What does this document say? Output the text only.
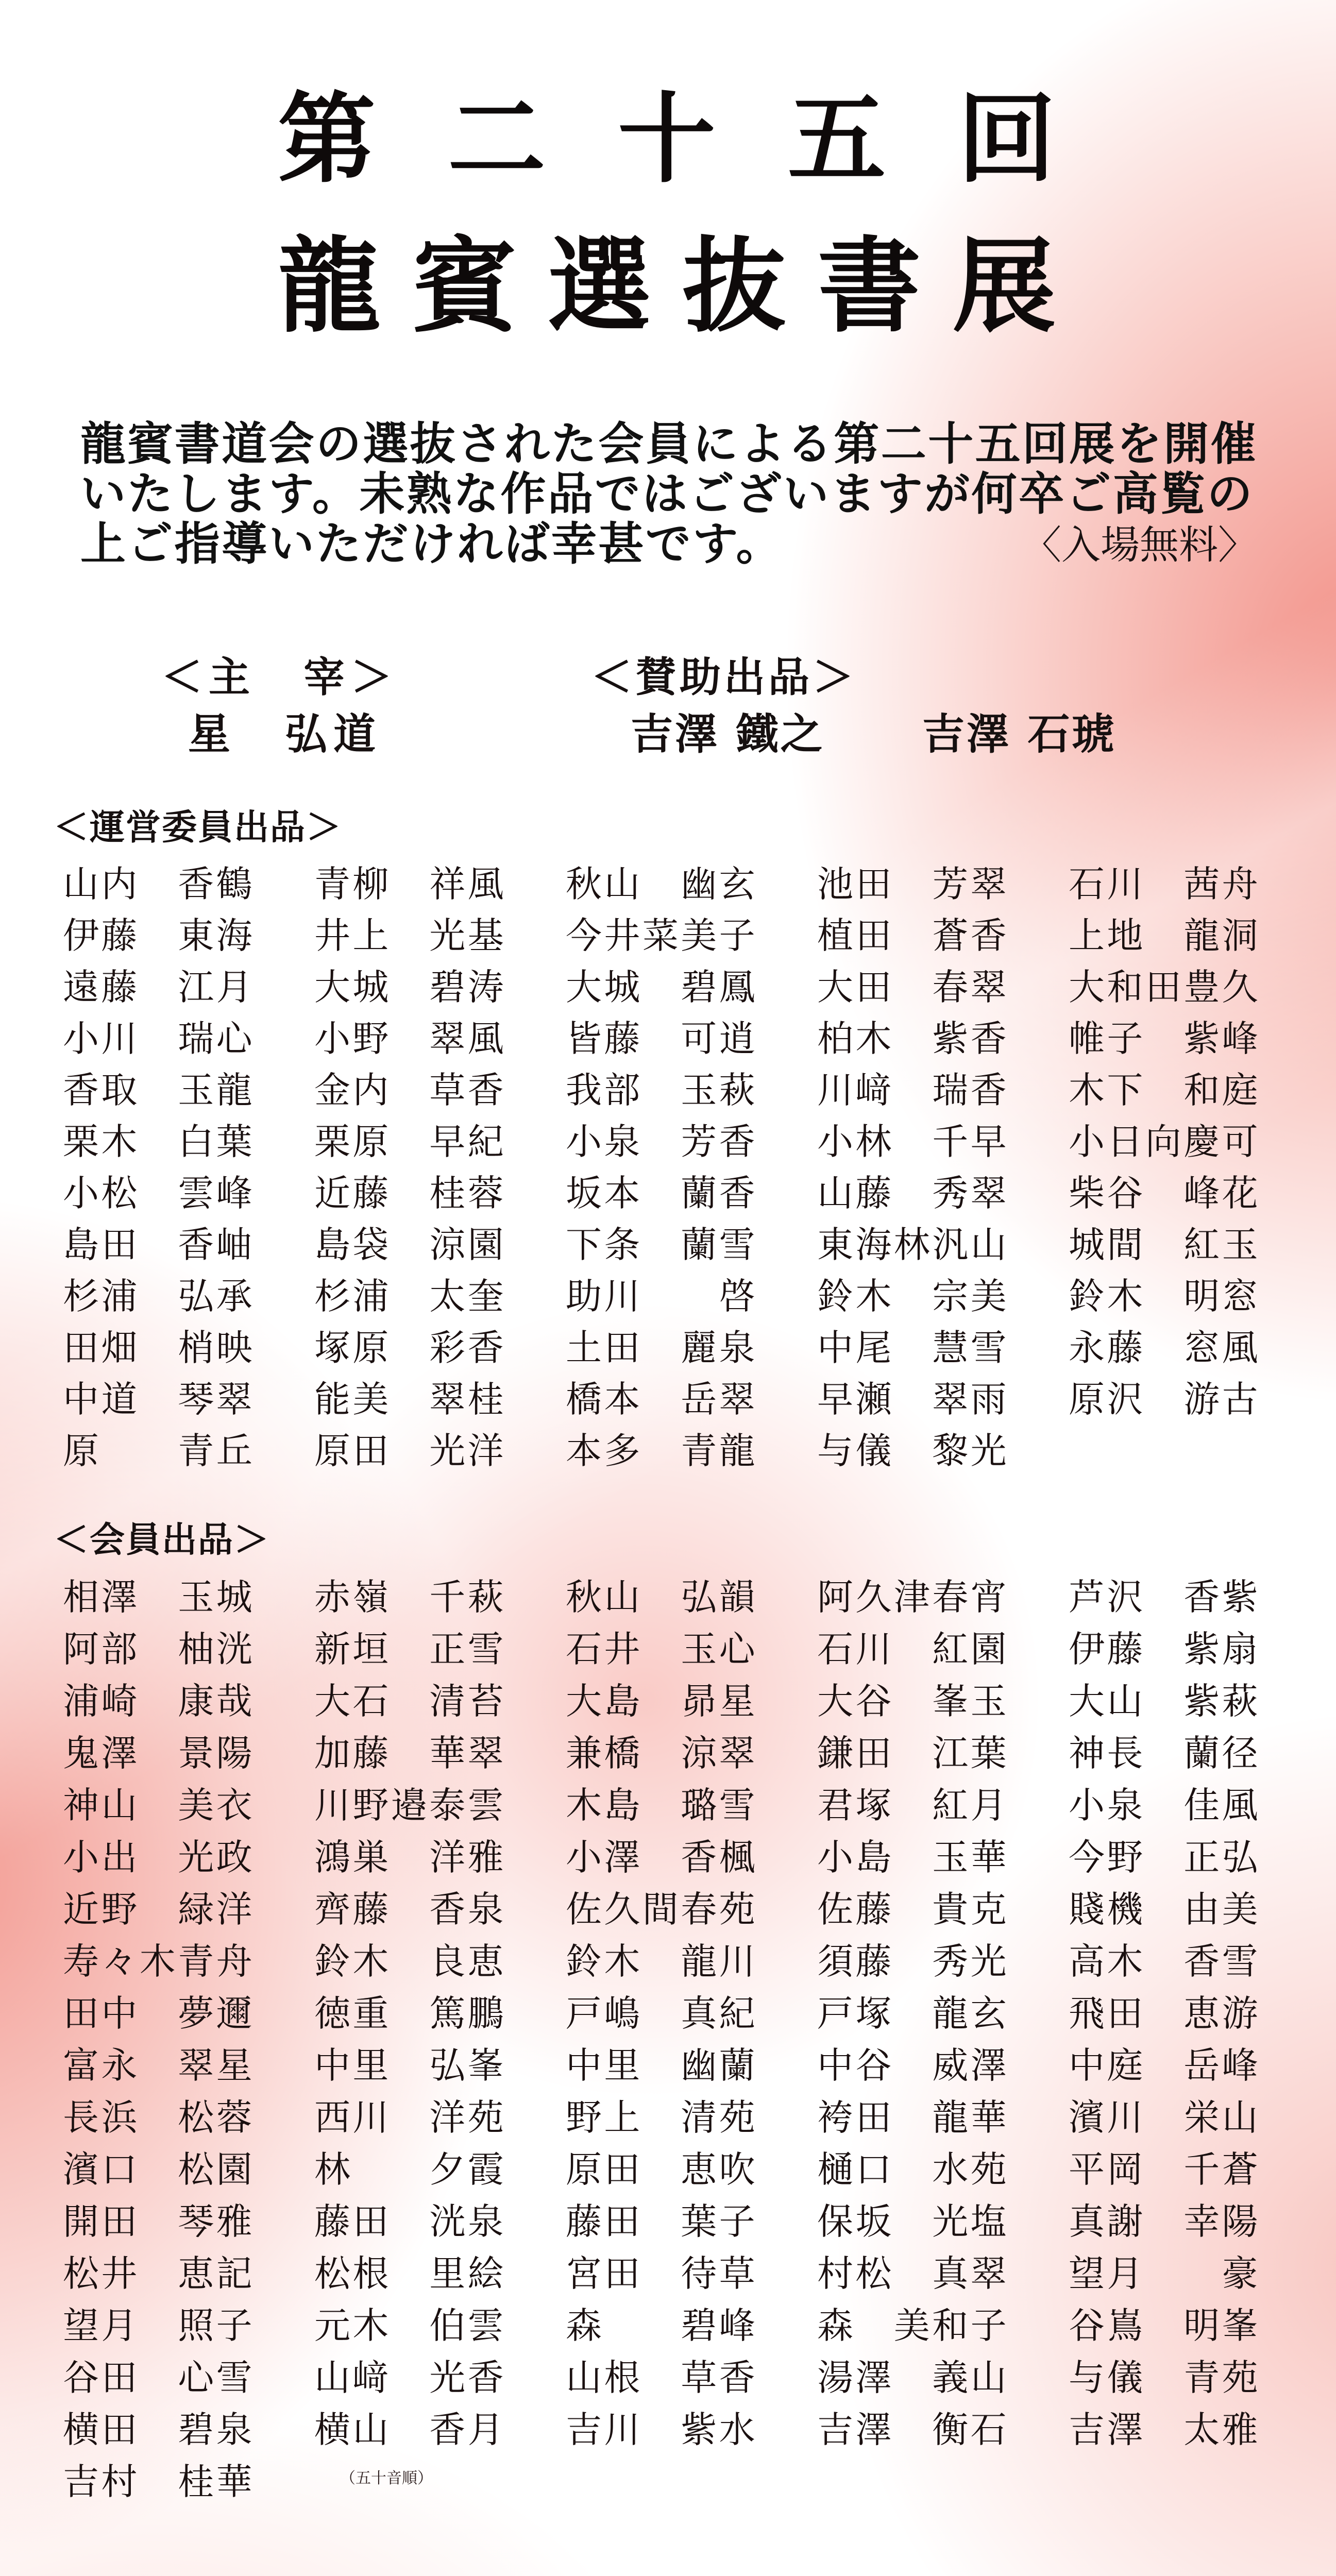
第二十五回
龍賓選抜書展
龍賓書道会の選抜された会員による第二十五回展を開催
いたします。未熟な作品ではございますが何卒ご高覧の
上ご指導いただければ幸甚です。	〈入場無料〉
＜主　宰＞
星　弘道
＜賛助出品＞
吉澤 鐵之 吉澤 石琥
＜運営委員出品＞
山内 香鶴 青柳 祥風 秋山 幽玄 池田 芳翠 石川 茜舟
伊藤 東海 井上 光基 今井 菜美子 植田 蒼香 上地 龍洞
遠藤 江月 大城 碧涛 大城 碧鳳 大田 春翠 大和田 豊久
小川 瑞心 小野 翠風 皆藤 可逍 柏木 紫香 帷子 紫峰
香取 玉龍 金内 草香 我部 玉萩 川﨑 瑞香 木下 和庭
栗木 白葉 栗原 早紀 小泉 芳香 小林 千早 小日向 慶可
小松 雲峰 近藤 桂蓉 坂本 蘭香 山藤 秀翠 柴谷 峰花
島田 香岫 島袋 涼園 下条 蘭雪 東海林 汎山 城間 紅玉
杉浦 弘承 杉浦 太奎 助川 啓 鈴木 宗美 鈴木 明窓
田畑 梢映 塚原 彩香 土田 麗泉 中尾 慧雪 永藤 窓風
中道 琴翠 能美 翠桂 橋本 岳翠 早瀬 翠雨 原沢 游古
原 青丘 原田 光洋 本多 青龍 与儀 黎光
＜会員出品＞
相澤 玉城 赤嶺 千萩 秋山 弘韻 阿久津 春宵 芦沢 香紫
阿部 柚洸 新垣 正雪 石井 玉心 石川 紅園 伊藤 紫扇
浦崎 康哉 大石 清苔 大島 昴星 大谷 峯玉 大山 紫萩
鬼澤 景陽 加藤 華翠 兼橋 涼翠 鎌田 江葉 神長 蘭径
神山 美衣 川野邉 泰雲 木島 璐雪 君塚 紅月 小泉 佳風
小出 光政 鴻巣 洋雅 小澤 香楓 小島 玉華 今野 正弘
近野 緑洋 齊藤 香泉 佐久間 春苑 佐藤 貴克 賤機 由美
寿々木 青舟 鈴木 良恵 鈴木 龍川 須藤 秀光 高木 香雪
田中 夢邇 徳重 篤鵬 戸嶋 真紀 戸塚 龍玄 飛田 恵游
富永 翠星 中里 弘峯 中里 幽蘭 中谷 威澤 中庭 岳峰
長浜 松蓉 西川 洋苑 野上 清苑 袴田 龍華 濱川 栄山
濱口 松園 林 夕霞 原田 恵吹 樋口 水苑 平岡 千蒼
開田 琴雅 藤田 洸泉 藤田 葉子 保坂 光塩 真謝 幸陽
松井 恵記 松根 里絵 宮田 待草 村松 真翠 望月 豪
望月 照子 元木 伯雲 森 碧峰 森 美和子 谷嶌 明峯
谷田 心雪 山﨑 光香 山根 草香 湯澤 義山 与儀 青苑
横田 碧泉 横山 香月 吉川 紫水 吉澤 衡石 吉澤 太雅
吉村 桂華	（五十音順）
